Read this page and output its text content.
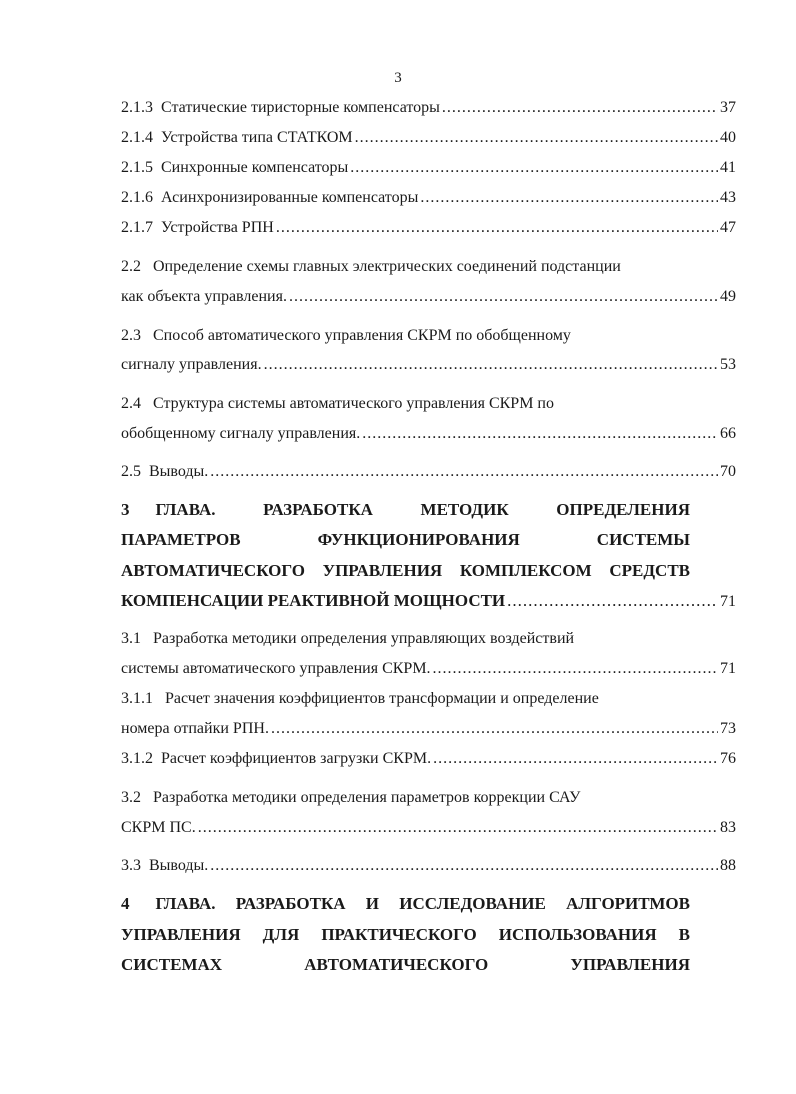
3
2.1.3 Статические тиристорные компенсаторы .....	37
2.1.4 Устройства типа СТАТКОМ .....	40
2.1.5 Синхронные компенсаторы .....	41
2.1.6 Асинхронизированные компенсаторы .....	43
2.1.7 Устройства РПН .....	47
2.2 Определение схемы главных электрических соединений подстанции
как объекта управления. .....	49
2.3 Способ автоматического управления СКРМ по обобщенному
сигналу управления. .....	53
2.4 Структура системы автоматического управления СКРМ по
обобщенному сигналу управления. .....	66
2.5 Выводы. .....	70
3 ГЛАВА. РАЗРАБОТКА МЕТОДИК ОПРЕДЕЛЕНИЯ
ПАРАМЕТРОВ ФУНКЦИОНИРОВАНИЯ СИСТЕМЫ
АВТОМАТИЧЕСКОГО УПРАВЛЕНИЯ КОМПЛЕКСОМ СРЕДСТВ
КОМПЕНСАЦИИ РЕАКТИВНОЙ МОЩНОСТИ .....	71
3.1 Разработка методики определения управляющих воздействий
системы автоматического управления СКРМ. .....	71
3.1.1 Расчет значения коэффициентов трансформации и определение
номера отпайки РПН. .....	73
3.1.2 Расчет коэффициентов загрузки СКРМ. .....	76
3.2 Разработка методики определения параметров коррекции САУ
СКРМ ПС. .....	83
3.3 Выводы. .....	88
4 ГЛАВА. РАЗРАБОТКА И ИССЛЕДОВАНИЕ АЛГОРИТМОВ
УПРАВЛЕНИЯ ДЛЯ ПРАКТИЧЕСКОГО ИСПОЛЬЗОВАНИЯ В
СИСТЕМАХ АВТОМАТИЧЕСКОГО УПРАВЛЕНИЯ
